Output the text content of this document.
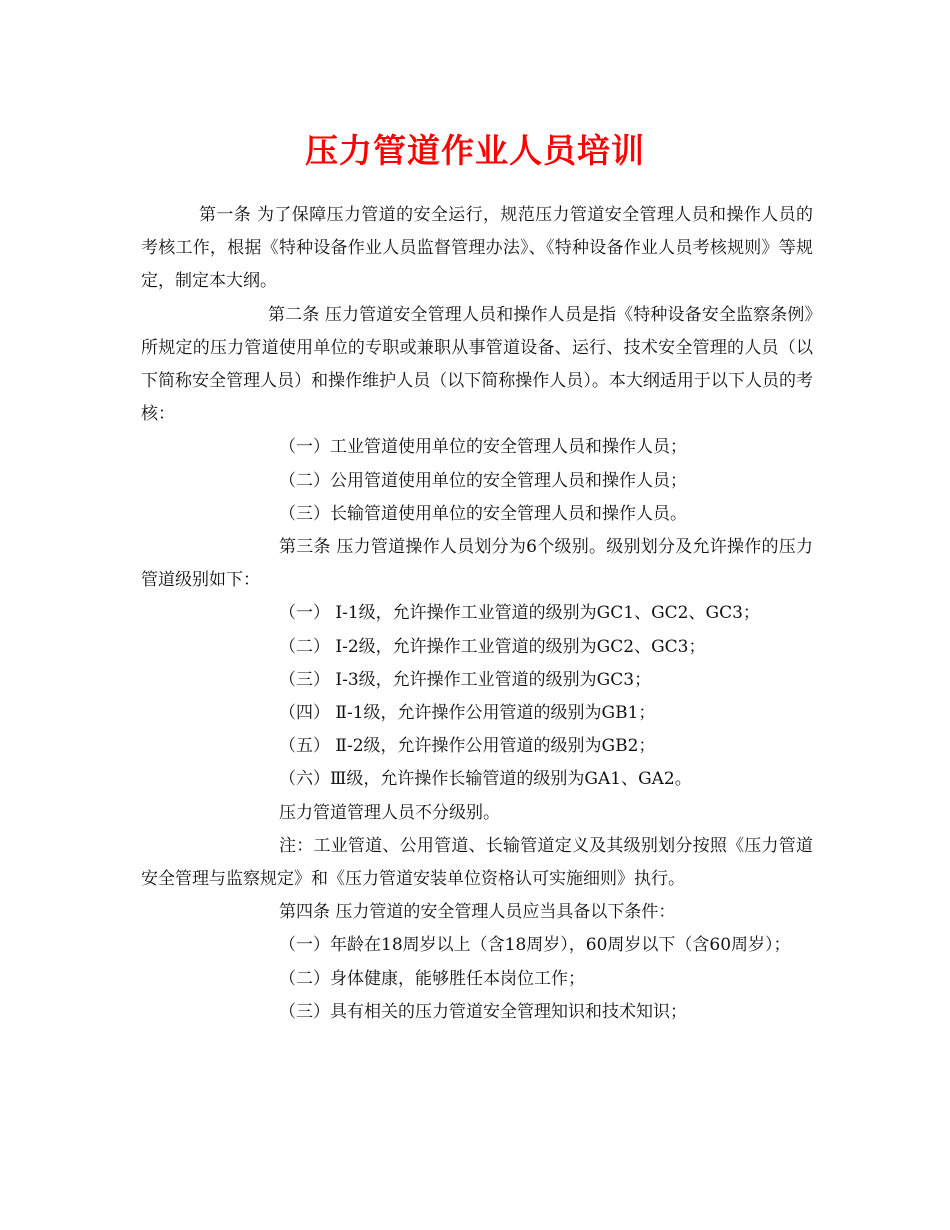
压力管道作业人员培训

第一条 为了保障压力管道的安全运行，规范压力管道安全管理人员和操作人员的考核工作，根据《特种设备作业人员监督管理办法》、《特种设备作业人员考核规则》等规定，制定本大纲。

第二条 压力管道安全管理人员和操作人员是指《特种设备安全监察条例》所规定的压力管道使用单位的专职或兼职从事管道设备、运行、技术安全管理的人员（以下简称安全管理人员）和操作维护人员（以下简称操作人员）。本大纲适用于以下人员的考核：

（一）工业管道使用单位的安全管理人员和操作人员；

（二）公用管道使用单位的安全管理人员和操作人员；

（三）长输管道使用单位的安全管理人员和操作人员。

第三条 压力管道操作人员划分为6个级别。级别划分及允许操作的压力管道级别如下：

（一） Ⅰ-1级，允许操作工业管道的级别为GC1、GC2、GC3；

（二） Ⅰ-2级，允许操作工业管道的级别为GC2、GC3；

（三） Ⅰ-3级，允许操作工业管道的级别为GC3；

（四） Ⅱ-1级，允许操作公用管道的级别为GB1；

（五） Ⅱ-2级，允许操作公用管道的级别为GB2；

（六）Ⅲ级，允许操作长输管道的级别为GA1、GA2。

压力管道管理人员不分级别。

注：工业管道、公用管道、长输管道定义及其级别划分按照《压力管道安全管理与监察规定》和《压力管道安装单位资格认可实施细则》执行。

第四条 压力管道的安全管理人员应当具备以下条件：

（一）年龄在18周岁以上（含18周岁），60周岁以下（含60周岁）；

（二）身体健康，能够胜任本岗位工作；

（三）具有相关的压力管道安全管理知识和技术知识；
